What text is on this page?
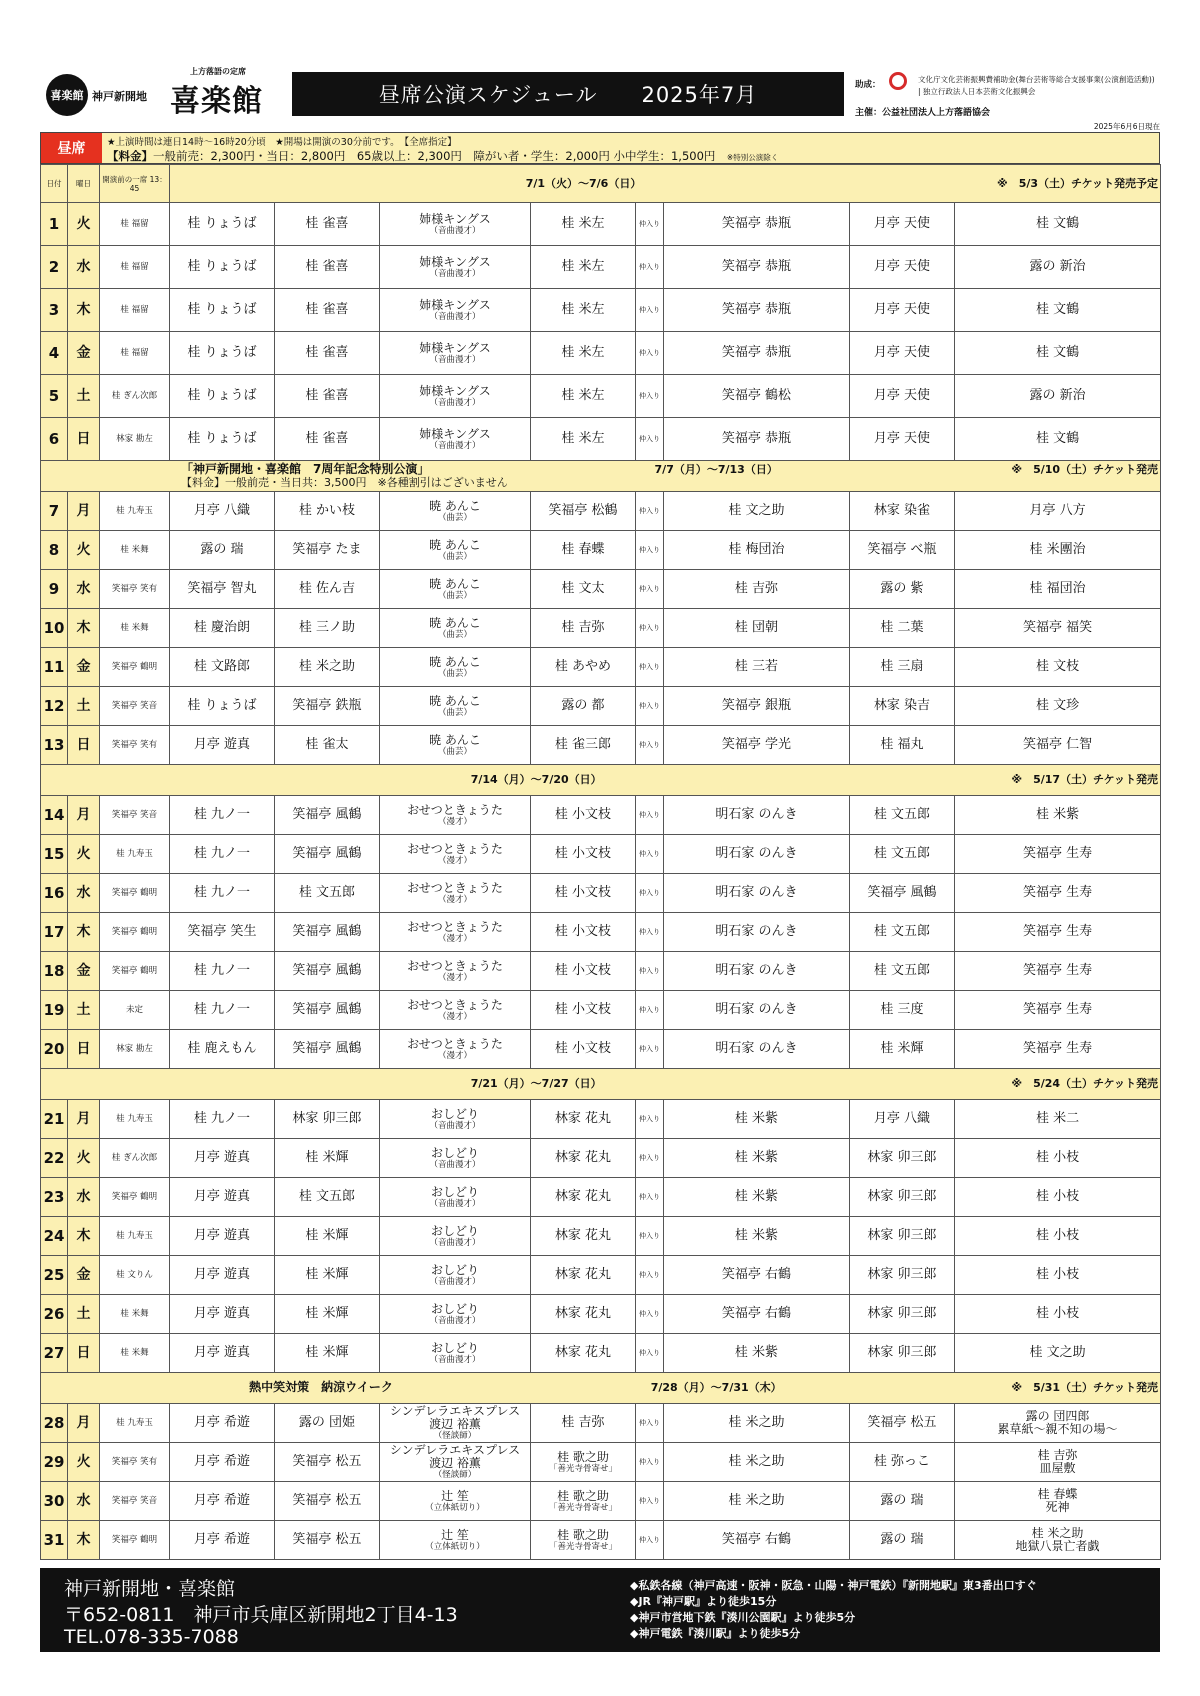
喜楽館 神戸新開地
上方落語の定席
喜楽館	昼席公演スケジュール　　2025年7月	助成：
文化庁文化芸術振興費補助金(舞台芸術等総合支援事業(公演創造活動))
| 独立行政法人日本芸術文化振興会
主催：公益社団法人上方落語協会
2025年6月6日現在
昼席	★上演時間は連日14時～16時20分頃　★開場は開演の30分前です。　【全席指定】
【料金】一般前売：2,300円・当日：2,800円　65歳以上：2,300円　障がい者・学生：2,000円 小中学生：1,500円　 ※特別公演除く
日付	曜日	開演前の一席 13：45	7/1（火）～7/6（日） ※　5/3（土）チケット発売予定							

1	火	桂 福留	桂 りょうば	桂 雀喜	姉様キングス
（音曲漫才）	桂 米左	仲入り	笑福亭 恭瓶	月亭 天使	桂 文鶴
2	水	桂 福留	桂 りょうば	桂 雀喜	姉様キングス
（音曲漫才）	桂 米左	仲入り	笑福亭 恭瓶	月亭 天使	露の 新治
3	木	桂 福留	桂 りょうば	桂 雀喜	姉様キングス
（音曲漫才）	桂 米左	仲入り	笑福亭 恭瓶	月亭 天使	桂 文鶴
4	金	桂 福留	桂 りょうば	桂 雀喜	姉様キングス
（音曲漫才）	桂 米左	仲入り	笑福亭 恭瓶	月亭 天使	桂 文鶴
5	土	桂 ぎん次郎	桂 りょうば	桂 雀喜	姉様キングス
（音曲漫才）	桂 米左	仲入り	笑福亭 鶴松	月亭 天使	露の 新治
6	日	林家 勘左	桂 りょうば	桂 雀喜	姉様キングス
（音曲漫才）	桂 米左	仲入り	笑福亭 恭瓶	月亭 天使	桂 文鶴

「神戸新開地・喜楽館　7周年記念特別公演」
【料金】一般前売・当日共：3,500円　※各種割引はございません
※　5/10（土）チケット発売
7/7（月）～7/13（日）										
7	月	桂 九寿玉	月亭 八織	桂 かい枝	暁 あんこ
（曲芸）	笑福亭 松鶴	仲入り	桂 文之助	林家 染雀	月亭 八方
8	火	桂 米舞	露の 瑞	笑福亭 たま	暁 あんこ
（曲芸）	桂 春蝶	仲入り	桂 梅団治	笑福亭 べ瓶	桂 米團治
9	水	笑福亭 笑有	笑福亭 智丸	桂 佐ん吉	暁 あんこ
（曲芸）	桂 文太	仲入り	桂 吉弥	露の 紫	桂 福団治
10	木	桂 米舞	桂 慶治朗	桂 三ノ助	暁 あんこ
（曲芸）	桂 吉弥	仲入り	桂 団朝	桂 二葉	笑福亭 福笑
11	金	笑福亭 鶴明	桂 文路郎	桂 米之助	暁 あんこ
（曲芸）	桂 あやめ	仲入り	桂 三若	桂 三扇	桂 文枝
12	土	笑福亭 笑音	桂 りょうば	笑福亭 鉄瓶	暁 あんこ
（曲芸）	露の 都	仲入り	笑福亭 銀瓶	林家 染吉	桂 文珍
13	日	笑福亭 笑有	月亭 遊真	桂 雀太	暁 あんこ
（曲芸）	桂 雀三郎	仲入り	笑福亭 学光	桂 福丸	笑福亭 仁智

※　5/17（土）チケット発売
7/14（月）～7/20（日）										
14	月	笑福亭 笑音	桂 九ノ一	笑福亭 風鶴	おせつときょうた
（漫才）	桂 小文枝	仲入り	明石家 のんき	桂 文五郎	桂 米紫
15	火	桂 九寿玉	桂 九ノ一	笑福亭 風鶴	おせつときょうた
（漫才）	桂 小文枝	仲入り	明石家 のんき	桂 文五郎	笑福亭 生寿
16	水	笑福亭 鶴明	桂 九ノ一	桂 文五郎	おせつときょうた
（漫才）	桂 小文枝	仲入り	明石家 のんき	笑福亭 風鶴	笑福亭 生寿
17	木	笑福亭 鶴明	笑福亭 笑生	笑福亭 風鶴	おせつときょうた
（漫才）	桂 小文枝	仲入り	明石家 のんき	桂 文五郎	笑福亭 生寿
18	金	笑福亭 鶴明	桂 九ノ一	笑福亭 風鶴	おせつときょうた
（漫才）	桂 小文枝	仲入り	明石家 のんき	桂 文五郎	笑福亭 生寿
19	土	未定	桂 九ノ一	笑福亭 風鶴	おせつときょうた
（漫才）	桂 小文枝	仲入り	明石家 のんき	桂 三度	笑福亭 生寿
20	日	林家 勘左	桂 鹿えもん	笑福亭 風鶴	おせつときょうた
（漫才）	桂 小文枝	仲入り	明石家 のんき	桂 米輝	笑福亭 生寿

※　5/24（土）チケット発売
7/21（月）～7/27（日）										
21	月	桂 九寿玉	桂 九ノ一	林家 卯三郎	おしどり
（音曲漫才）	林家 花丸	仲入り	桂 米紫	月亭 八織	桂 米二
22	火	桂 ぎん次郎	月亭 遊真	桂 米輝	おしどり
（音曲漫才）	林家 花丸	仲入り	桂 米紫	林家 卯三郎	桂 小枝
23	水	笑福亭 鶴明	月亭 遊真	桂 文五郎	おしどり
（音曲漫才）	林家 花丸	仲入り	桂 米紫	林家 卯三郎	桂 小枝
24	木	桂 九寿玉	月亭 遊真	桂 米輝	おしどり
（音曲漫才）	林家 花丸	仲入り	桂 米紫	林家 卯三郎	桂 小枝
25	金	桂 文りん	月亭 遊真	桂 米輝	おしどり
（音曲漫才）	林家 花丸	仲入り	笑福亭 右鶴	林家 卯三郎	桂 小枝
26	土	桂 米舞	月亭 遊真	桂 米輝	おしどり
（音曲漫才）	林家 花丸	仲入り	笑福亭 右鶴	林家 卯三郎	桂 小枝
27	日	桂 米舞	月亭 遊真	桂 米輝	おしどり
（音曲漫才）	林家 花丸	仲入り	桂 米紫	林家 卯三郎	桂 文之助

熱中笑対策　納涼ウイーク ※　5/31（土）チケット発売
7/28（月）～7/31（木）										
28	月	桂 九寿玉	月亭 希遊	露の 団姫	シンデレラエキスプレス
渡辺 裕薫
（怪談師）	桂 吉弥	仲入り	桂 米之助	笑福亭 松五	露の 団四郎
累草紙～親不知の場～

29	火	笑福亭 笑有	月亭 希遊	笑福亭 松五	シンデレラエキスプレス
渡辺 裕薫
（怪談師）	桂 歌之助
「善光寺骨寄せ」	仲入り	桂 米之助	桂 弥っこ	桂 吉弥
皿屋敷

30	水	笑福亭 笑音	月亭 希遊	笑福亭 松五	辻 笙
（立体紙切り）	桂 歌之助
「善光寺骨寄せ」	仲入り	桂 米之助	露の 瑞	桂 春蝶
死神

31	木	笑福亭 鶴明	月亭 希遊	笑福亭 松五	辻 笙
（立体紙切り）	桂 歌之助
「善光寺骨寄せ」	仲入り	笑福亭 右鶴	露の 瑞	桂 米之助
地獄八景亡者戯
神戸新開地・喜楽館
〒652-0811　神戸市兵庫区新開地2丁目4-13
TEL.078-335-7088
◆私鉄各線（神戸高速・阪神・阪急・山陽・神戸電鉄）『新開地駅』東3番出口すぐ
◆JR『神戸駅』より徒歩15分
◆神戸市営地下鉄『湊川公園駅』より徒歩5分
◆神戸電鉄『湊川駅』より徒歩5分
